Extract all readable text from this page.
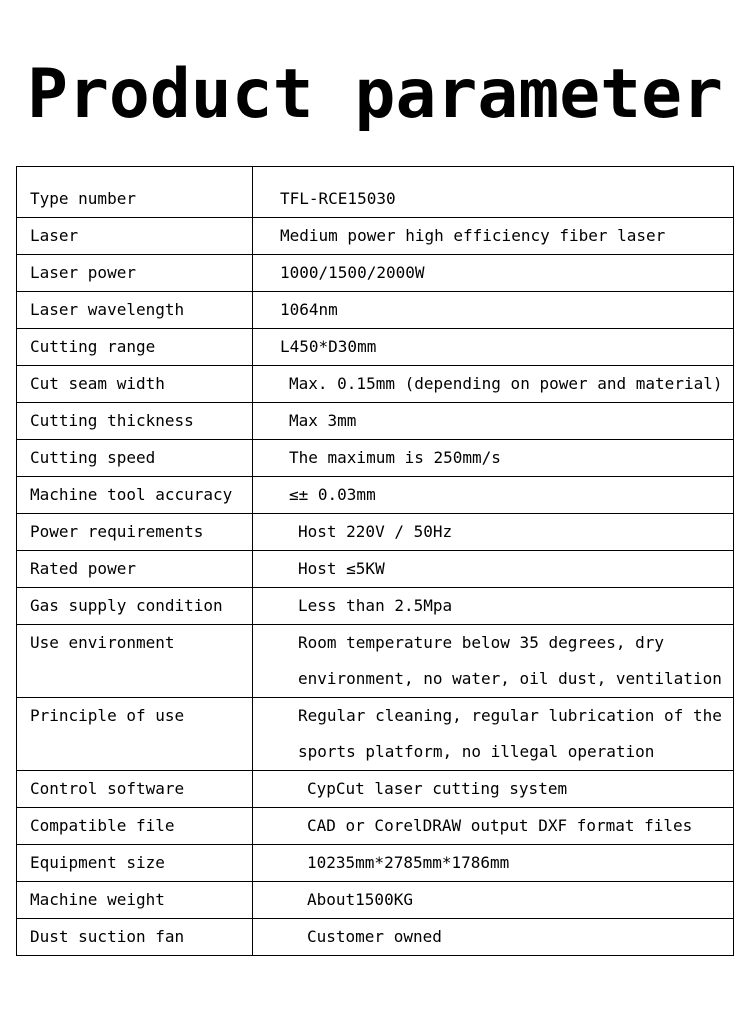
Product parameter
Type number	TFL-RCE15030
Laser	Medium power high efficiency fiber laser
Laser power	1000/1500/2000W
Laser wavelength	1064nm
Cutting range	L450*D30mm
Cut seam width	Max. 0.15mm (depending on power and material)
Cutting thickness	Max 3mm
Cutting speed	The maximum is 250mm/s
Machine tool accuracy	≤± 0.03mm
Power requirements	Host 220V / 50Hz
Rated power	Host ≤5KW
Gas supply condition	Less than 2.5Mpa
Use environment	Room temperature below 35 degrees, dry
environment, no water, oil dust, ventilation

Principle of use	Regular cleaning, regular lubrication of the
sports platform, no illegal operation

Control software	CypCut laser cutting system
Compatible file	CAD or CorelDRAW output DXF format files
Equipment size	10235mm*2785mm*1786mm
Machine weight	About1500KG
Dust suction fan	Customer owned
